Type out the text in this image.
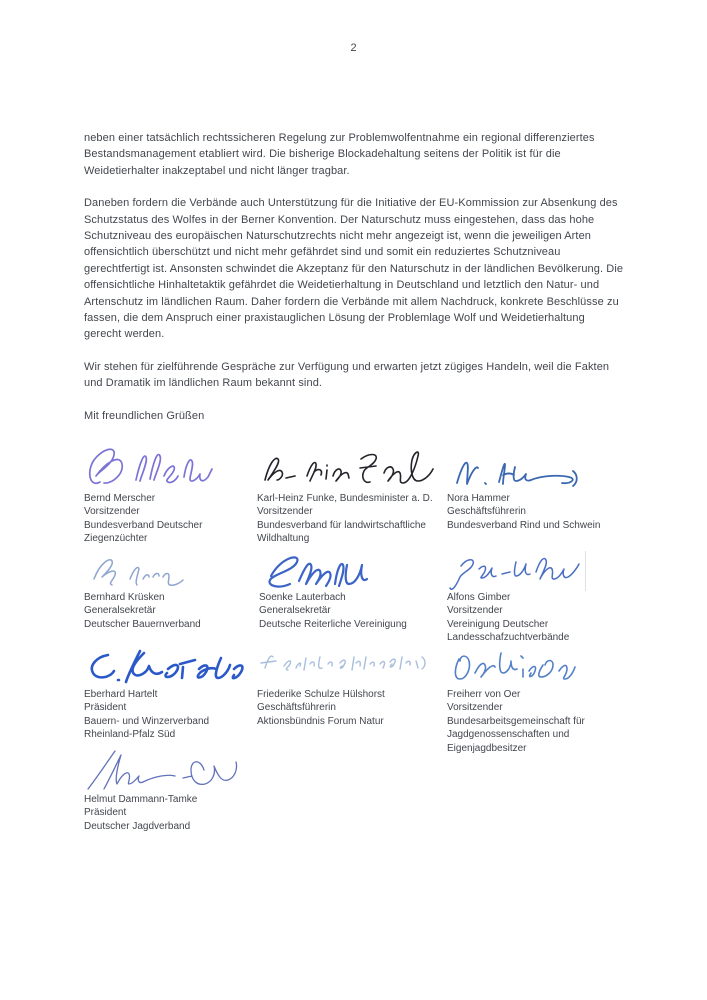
2

neben einer tatsächlich rechtssicheren Regelung zur Problemwolfentnahme ein regional differenziertes Bestandsmanagement etabliert wird. Die bisherige Blockadehaltung seitens der Politik ist für die Weidetierhalter inakzeptabel und nicht länger tragbar.

Daneben fordern die Verbände auch Unterstützung für die Initiative der EU-Kommission zur Absenkung des Schutzstatus des Wolfes in der Berner Konvention. Der Naturschutz muss eingestehen, dass das hohe Schutzniveau des europäischen Naturschutzrechts nicht mehr angezeigt ist, wenn die jeweiligen Arten offensichtlich überschützt und nicht mehr gefährdet sind und somit ein reduziertes Schutzniveau gerechtfertigt ist. Ansonsten schwindet die Akzeptanz für den Naturschutz in der ländlichen Bevölkerung. Die offensichtliche Hinhaltetaktik gefährdet die Weidetierhaltung in Deutschland und letztlich den Natur- und Artenschutz im ländlichen Raum. Daher fordern die Verbände mit allem Nachdruck, konkrete Beschlüsse zu fassen, die dem Anspruch einer praxistauglichen Lösung der Problemlage Wolf und Weidetierhaltung gerecht werden.

Wir stehen für zielführende Gespräche zur Verfügung und erwarten jetzt zügiges Handeln, weil die Fakten und Dramatik im ländlichen Raum bekannt sind.

Mit freundlichen Grüßen

Bernd Merscher
Vorsitzender
Bundesverband Deutscher
Ziegenzüchter
Karl-Heinz Funke, Bundesminister a. D.
Vorsitzender
Bundesverband für landwirtschaftliche
Wildhaltung
Nora Hammer
Geschäftsführerin
Bundesverband Rind und Schwein
Bernhard Krüsken
Generalsekretär
Deutscher Bauernverband
Soenke Lauterbach
Generalsekretär
Deutsche Reiterliche Vereinigung
Alfons Gimber
Vorsitzender
Vereinigung Deutscher
Landesschafzuchtverbände
Eberhard Hartelt
Präsident
Bauern- und Winzerverband
Rheinland-Pfalz Süd
Friederike Schulze Hülshorst
Geschäftsführerin
Aktionsbündnis Forum Natur
Freiherr von Oer
Vorsitzender
Bundesarbeitsgemeinschaft für
Jagdgenossenschaften und
Eigenjagdbesitzer
Helmut Dammann-Tamke
Präsident
Deutscher Jagdverband
